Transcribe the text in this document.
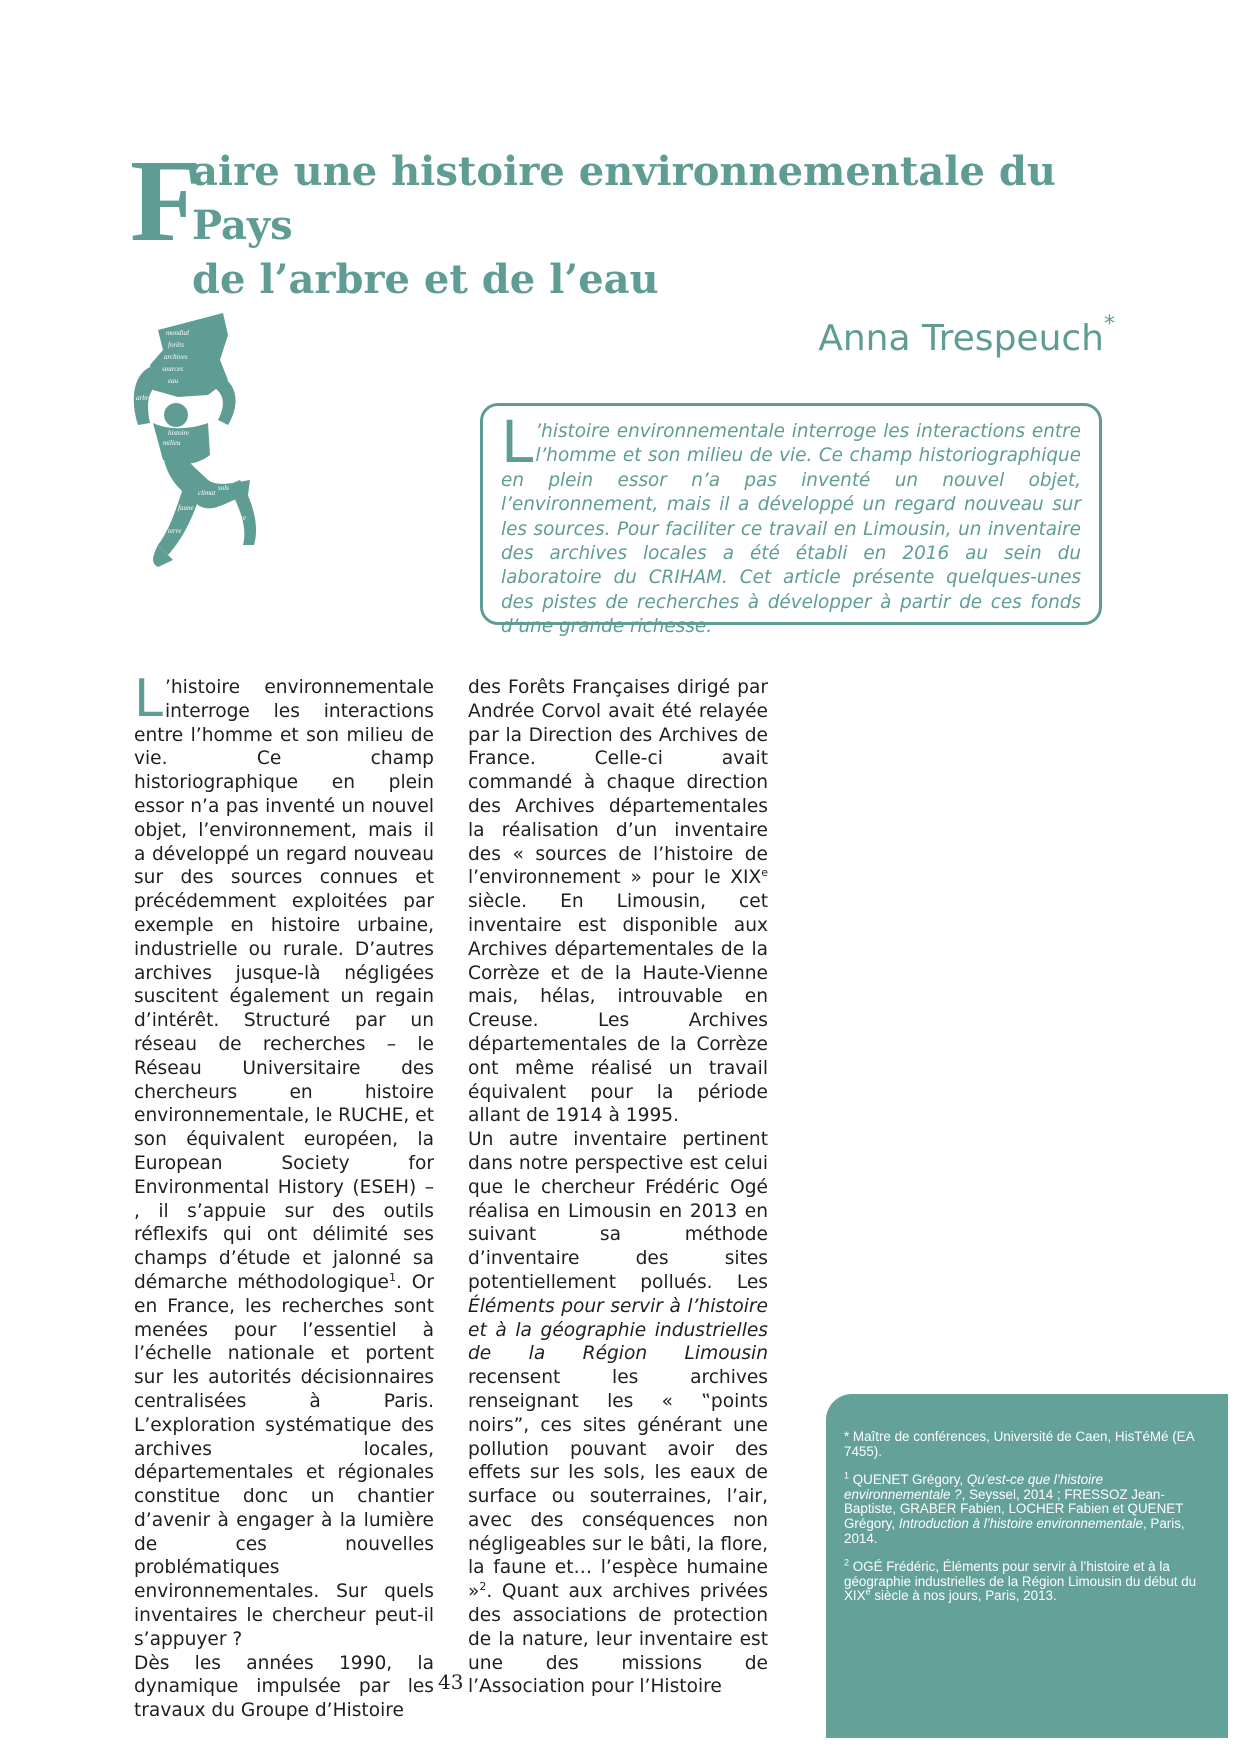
F
aire une histoire environnementale du Pays
de l’arbre et de l’eau
Anna Trespeuch*
mondial
forêts
archives
sources
eau
arbre
milieu
histoire
climat
sols
faune
flore
terre
nature	L ’histoire environnementale interroge les interactions entre l’homme et son milieu de vie. Ce champ historiographique en plein essor n’a pas inventé un nouvel objet, l’environnement, mais il a développé un regard nouveau sur les sources. Pour faciliter ce travail en Limousin, un inventaire des archives locales a été établi en 2016 au sein du laboratoire du CRIHAM. Cet article présente quelques-unes des pistes de recherches à développer à partir de ces fonds d’une grande richesse.

L ’histoire environnementale interroge les interactions entre l’homme et son milieu de vie. Ce champ historiographique en plein essor n’a pas inventé un nouvel objet, l’environnement, mais il a développé un regard nouveau sur des sources connues et précédemment exploitées par exemple en histoire urbaine, industrielle ou rurale. D’autres archives jusque-là négligées suscitent également un regain d’intérêt. Structuré par un réseau de recherches – le Réseau Universitaire des chercheurs en histoire environnementale, le RUCHE, et son équivalent européen, la European Society for Environmental History (ESEH) – , il s’appuie sur des outils réflexifs qui ont délimité ses champs d’étude et jalonné sa démarche méthodologique$^1$. Or en France, les recherches sont menées pour l’essentiel à l’échelle nationale et portent sur les autorités décisionnaires centralisées à Paris. L’exploration systématique des archives locales, départementales et régionales constitue donc un chantier d’avenir à engager à la lumière de ces nouvelles problématiques environnementales. Sur quels inventaires le chercheur peut-il s’appuyer ?

Dès les années 1990, la dynamique impulsée par les travaux du Groupe d’Histoire

des Forêts Françaises dirigé par Andrée Corvol avait été relayée par la Direction des Archives de France. Celle-ci avait commandé à chaque direction des Archives départementales la réalisation d’un inventaire des « sources de l’histoire de l’environnement » pour le XIXe siècle. En Limousin, cet inventaire est disponible aux Archives départementales de la Corrèze et de la Haute-Vienne mais, hélas, introuvable en Creuse. Les Archives départementales de la Corrèze ont même réalisé un travail équivalent pour la période allant de 1914 à 1995.

Un autre inventaire pertinent dans notre perspective est celui que le chercheur Frédéric Ogé réalisa en Limousin en 2013 en suivant sa méthode d’inventaire des sites potentiellement pollués. Les Éléments pour servir à l’histoire et à la géographie industrielles de la Région Limousin recensent les archives renseignant les « ‟points noirs”, ces sites générant une pollution pouvant avoir des effets sur les sols, les eaux de surface ou souterraines, l’air, avec des conséquences non négligeables sur le bâti, la flore, la faune et… l’espèce humaine »$^2$. Quant aux archives privées des associations de protection de la nature, leur inventaire est une des missions de l’Association pour l’Histoire

43

* Maître de conférences, Université de Caen, HisTéMé (EA 7455).

$^1$ QUENET Grégory, Qu’est-ce que l’histoire environnementale ?, Seyssel, 2014 ; FRESSOZ Jean-Baptiste, GRABER Fabien, LOCHER Fabien et QUENET Grégory, Introduction à l’histoire environnementale, Paris, 2014.

$^2$ OGÉ Frédéric, Éléments pour servir à l’histoire et à la géographie industrielles de la Région Limousin du début du XIXe siècle à nos jours, Paris, 2013.
